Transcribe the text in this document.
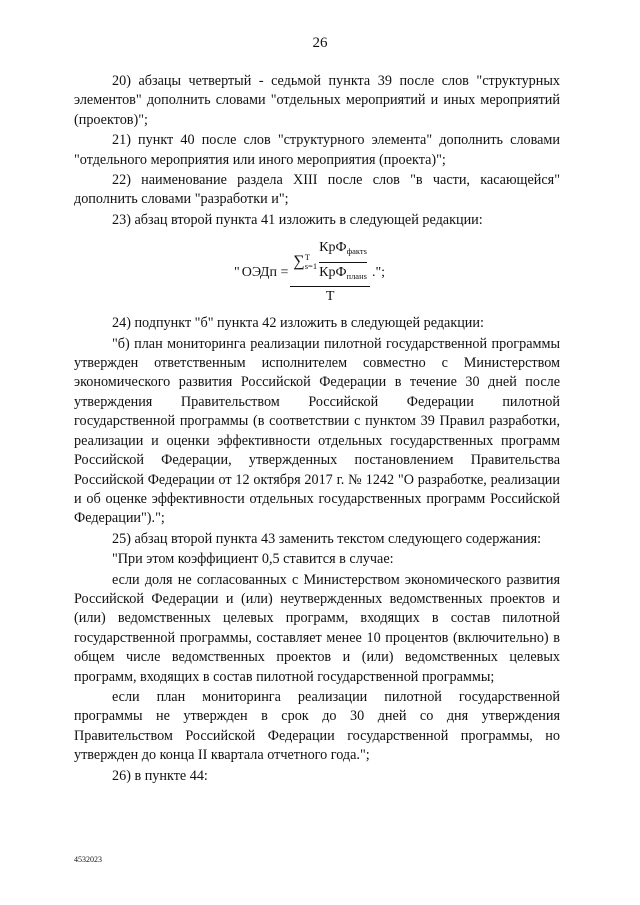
26

20) абзацы четвертый - седьмой пункта 39 после слов "структурных элементов" дополнить словами "отдельных мероприятий и иных мероприятий (проектов)";

21) пункт 40 после слов "структурного элемента" дополнить словами "отдельного мероприятия или иного мероприятия (проекта)";

22) наименование раздела XIII после слов "в части, касающейся" дополнить словами "разработки и";

23) абзац второй пункта 41 изложить в следующей редакции:

" ОЭДп =
∑ T
$s=1 \frac{КрФ_{фактs}}{КрФ_{планs}}$
T
.";

24) подпункт "б" пункта 42 изложить в следующей редакции:

"б) план мониторинга реализации пилотной государственной программы утвержден ответственным исполнителем совместно с Министерством экономического развития Российской Федерации в течение 30 дней после утверждения Правительством Российской Федерации пилотной государственной программы (в соответствии с пунктом 39 Правил разработки, реализации и оценки эффективности отдельных государственных программ Российской Федерации, утвержденных постановлением Правительства Российской Федерации от 12 октября 2017 г. № 1242 "О разработке, реализации и об оценке эффективности отдельных государственных программ Российской Федерации").";

25) абзац второй пункта 43 заменить текстом следующего содержания:

"При этом коэффициент 0,5 ставится в случае:

если доля не согласованных с Министерством экономического развития Российской Федерации и (или) неутвержденных ведомственных проектов и (или) ведомственных целевых программ, входящих в состав пилотной государственной программы, составляет менее 10 процентов (включительно) в общем числе ведомственных проектов и (или) ведомственных целевых программ, входящих в состав пилотной государственной программы;

если план мониторинга реализации пилотной государственной программы не утвержден в срок до 30 дней со дня утверждения Правительством Российской Федерации государственной программы, но утвержден до конца II квартала отчетного года.";

26) в пункте 44:

4532023
